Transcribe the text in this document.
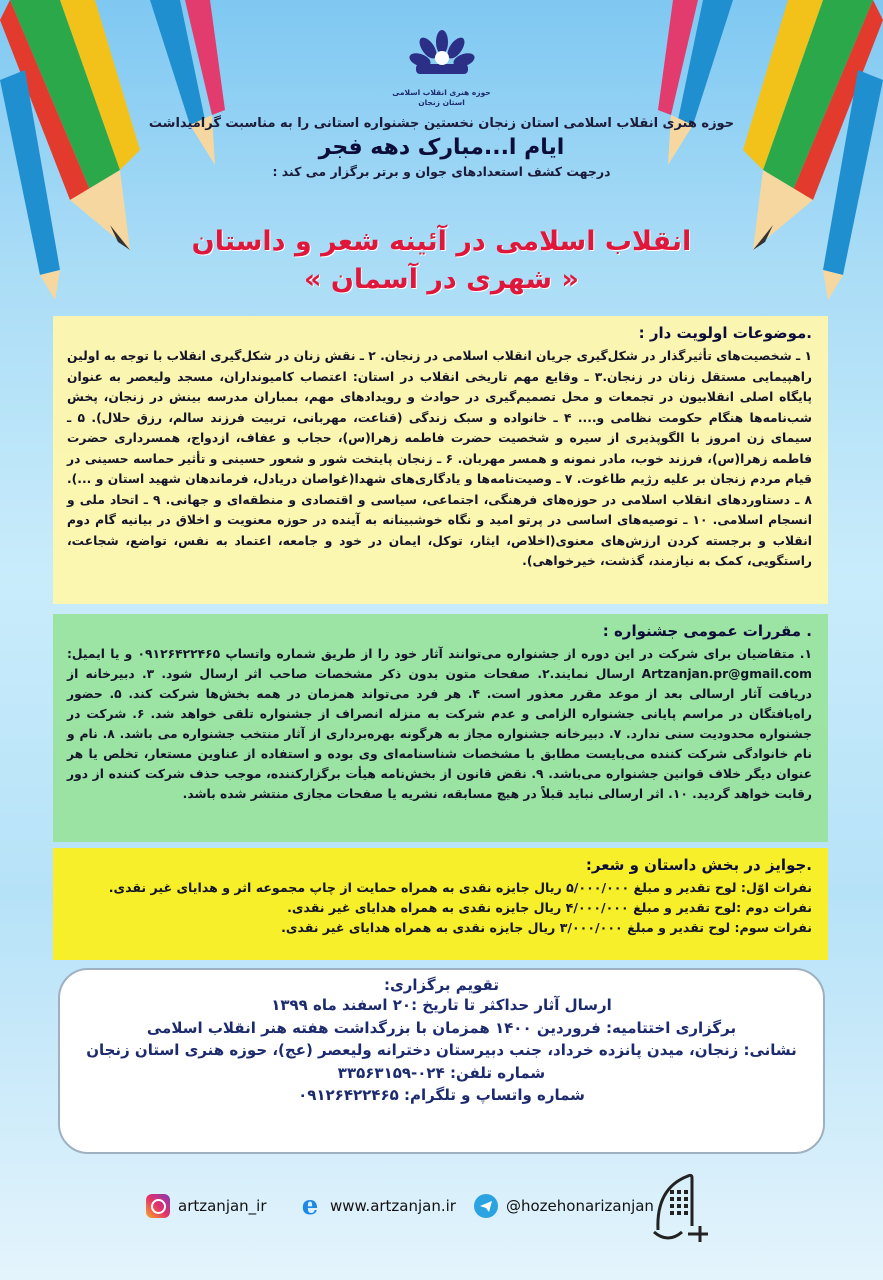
حوزه هنری انقلاب اسلامی
استان زنجان
حوزه هنری انقلاب اسلامی استان زنجان نخستین جشنواره استانی را به مناسبت گرامیداشت
ایام ا...مبارک دهه فجر
درجهت کشف استعدادهای جوان و برتر برگزار می کند :
انقلاب اسلامی در آئینه شعر و داستان
« شهری در آسمان »
.موضوعات اولویت دار :
۱ ـ شخصیت‌های تأثیرگذار در شکل‌گیری جریان انقلاب اسلامی در زنجان. ۲ ـ نقش زنان در شکل‌گیری انقلاب با توجه به اولین راهپیمایی مستقل زنان در زنجان.۳ ـ وقایع مهم تاریخی انقلاب در استان: اعتصاب کامیونداران، مسجد ولیعصر به عنوان پایگاه اصلی انقلابیون در تجمعات و محل تصمیم‌گیری در حوادث و رویدادهای مهم، بمباران مدرسه بینش در زنجان، پخش شب‌نامه‌ها هنگام حکومت نظامی و.... ۴ ـ خانواده و سبک زندگی (قناعت، مهربانی، تربیت فرزند سالم، رزق حلال). ۵ ـ سیمای زن امروز با الگوپذیری از سیره و شخصیت حضرت فاطمه زهرا(س)، حجاب و عفاف، ازدواج، همسرداری حضرت فاطمه زهرا(س)، فرزند خوب، مادر نمونه و همسر مهربان. ۶ ـ زنجان پایتخت شور و شعور حسینی و تأثیر حماسه حسینی در قیام مردم زنجان بر علیه رژیم طاغوت. ۷ ـ وصیت‌نامه‌ها و یادگاری‌های شهدا(غواصان دریادل، فرماندهان شهید استان و ...). ۸ ـ دستاوردهای انقلاب اسلامی در حوزه‌های فرهنگی، اجتماعی، سیاسی و اقتصادی و منطقه‌ای و جهانی. ۹ ـ اتحاد ملی و انسجام اسلامی. ۱۰ ـ توصیه‌های اساسی در پرتو امید و نگاه خوشبینانه به آینده در حوزه معنویت و اخلاق در بیانیه گام دوم انقلاب و برجسته کردن ارزش‌های معنوی(اخلاص، ایثار، توکل، ایمان در خود و جامعه، اعتماد به نفس، تواضع، شجاعت، راستگویی، کمک به نیازمند، گذشت، خیرخواهی).
. مقررات عمومی جشنواره :
۱. متقاضیان برای شرکت در این دوره از جشنواره می‌توانند آثار خود را از طریق شماره واتساپ ۰۹۱۲۶۴۲۲۴۶۵ و یا ایمیل: Artzanjan.pr@gmail.com ارسال نمایند.۲. صفحات متون بدون ذکر مشخصات صاحب اثر ارسال شود. ۳. دبیرخانه از دریافت آثار ارسالی بعد از موعد مقرر معذور است. ۴. هر فرد می‌تواند همزمان در همه بخش‌ها شرکت کند. ۵. حضور راه‌یافتگان در مراسم پایانی جشنواره الزامی و عدم شرکت به منزله انصراف از جشنواره تلقی خواهد شد. ۶. شرکت در جشنواره محدودیت سنی ندارد. ۷. دبیرخانه جشنواره مجاز به هرگونه بهره‌برداری از آثار منتخب جشنواره می باشد. ۸. نام و نام خانوادگی شرکت کننده می‌بایست مطابق با مشخصات شناسنامه‌ای وی بوده و استفاده از عناوین مستعار، تخلص یا هر عنوان دیگر خلاف قوانین جشنواره می‌باشد. ۹. نقض قانون از بخش‌نامه هیأت برگزارکننده، موجب حذف شرکت کننده از دور رقابت خواهد گردید. ۱۰. اثر ارسالی نباید قبلاً در هیچ مسابقه، نشریه یا صفحات مجازی منتشر شده باشد.
.جوایز در بخش داستان و شعر:
نفرات اوّل: لوح تقدیر و مبلغ ۵/۰۰۰/۰۰۰ ریال جایزه نقدی به همراه حمایت از چاپ مجموعه اثر و هدایای غیر نقدی.
نفرات دوم :لوح تقدیر و مبلغ ۴/۰۰۰/۰۰۰ ریال جایزه نقدی به همراه هدایای غیر نقدی.
نفرات سوم: لوح تقدیر و مبلغ ۳/۰۰۰/۰۰۰ ریال جایزه نقدی به همراه هدایای غیر نقدی.
تقویم برگزاری:
ارسال آثار حداکثر تا تاریخ :۲۰ اسفند ماه ۱۳۹۹
برگزاری اختتامیه: فروردین ۱۴۰۰ همزمان با بزرگداشت هفته هنر انقلاب اسلامی
نشانی: زنجان، میدن پانزده خرداد، جنب دبیرستان دخترانه ولیعصر (عج)، حوزه هنری استان زنجان
شماره تلفن: ۰۲۴-۳۳۵۶۳۱۵۹
شماره واتساپ و تلگرام: ۰۹۱۲۶۴۲۲۴۶۵
artzanjan_ir e www.artzanjan.ir	@hozehonarizanjan
